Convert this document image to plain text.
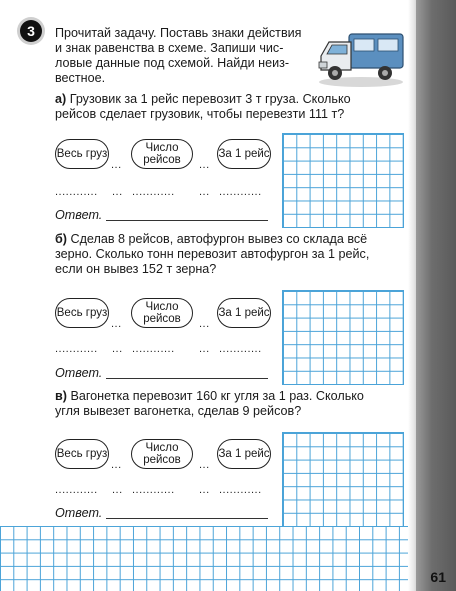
3	Прочитай задачу. Поставь знаки действия
и знак равенства в схеме. Запиши чис-
ловые данные под схемой. Найди неиз-
вестное.
а) Грузовик за 1 рейс перевозит 3 т груза. Сколько
рейсов сделает грузовик, чтобы перевезти 111 т?
Весь груз
...
Число рейсов	...
За 1 рейс
............ ... ............ ... ............
Ответ.
б) Сделав 8 рейсов, автофургон вывез со склада всё
зерно. Сколько тонн перевозит автофургон за 1 рейс,
если он вывез 152 т зерна?
Весь груз
...
Число рейсов	...
За 1 рейс
............ ... ............ ... ............
Ответ.
в) Вагонетка перевозит 160 кг угля за 1 раз. Сколько
угля вывезет вагонетка, сделав 9 рейсов?
Весь груз
...
Число рейсов	...
За 1 рейс
............ ... ............ ... ............
Ответ.
61
